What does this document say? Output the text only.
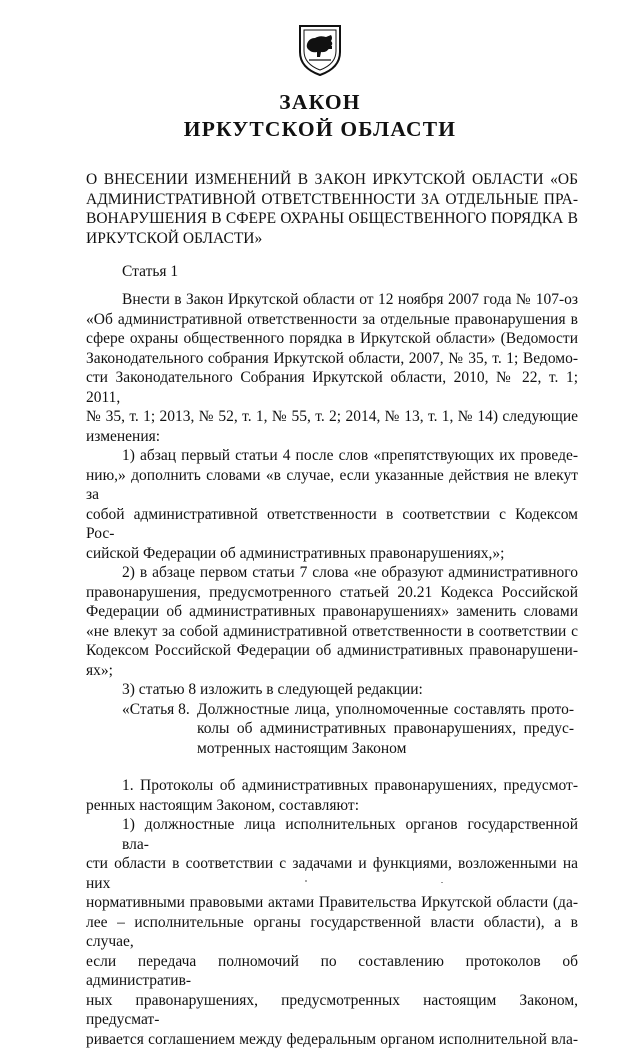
ЗАКОН
ИРКУТСКОЙ ОБЛАСТИ
О ВНЕСЕНИИ ИЗМЕНЕНИЙ В ЗАКОН ИРКУТСКОЙ ОБЛАСТИ «ОБ
АДМИНИСТРАТИВНОЙ ОТВЕТСТВЕННОСТИ ЗА ОТДЕЛЬНЫЕ ПРА-
ВОНАРУШЕНИЯ В СФЕРЕ ОХРАНЫ ОБЩЕСТВЕННОГО ПОРЯДКА В
ИРКУТСКОЙ ОБЛАСТИ»
Статья 1
Внести в Закон Иркутской области от 12 ноября 2007 года № 107-оз
«Об административной ответственности за отдельные правонарушения в
сфере охраны общественного порядка в Иркутской области» (Ведомости
Законодательного собрания Иркутской области, 2007, № 35, т. 1; Ведомо-
сти Законодательного Собрания Иркутской области, 2010, № 22, т. 1; 2011,
№ 35, т. 1; 2013, № 52, т. 1, № 55, т. 2; 2014, № 13, т. 1, № 14) следующие
изменения:
1) абзац первый статьи 4 после слов «препятствующих их проведе-
нию,» дополнить словами «в случае, если указанные действия не влекут за
собой административной ответственности в соответствии с Кодексом Рос-
сийской Федерации об административных правонарушениях,»;
2) в абзаце первом статьи 7 слова «не образуют административного
правонарушения, предусмотренного статьей 20.21 Кодекса Российской
Федерации об административных правонарушениях» заменить словами
«не влекут за собой административной ответственности в соответствии с
Кодексом Российской Федерации об административных правонарушени-
ях»;
3) статью 8 изложить в следующей редакции:
«Статья 8. Должностные лица, уполномоченные составлять прото-
колы об административных правонарушениях, предус-
мотренных настоящим Законом
1. Протоколы об административных правонарушениях, предусмот-
ренных настоящим Законом, составляют:
1) должностные лица исполнительных органов государственной вла-
сти области в соответствии с задачами и функциями, возложенными на них
нормативными правовыми актами Правительства Иркутской области (да-
лее – исполнительные органы государственной власти области), а в случае,
если передача полномочий по составлению протоколов об административ-
ных правонарушениях, предусмотренных настоящим Законом, предусмат-
ривается соглашением между федеральным органом исполнительной вла-
